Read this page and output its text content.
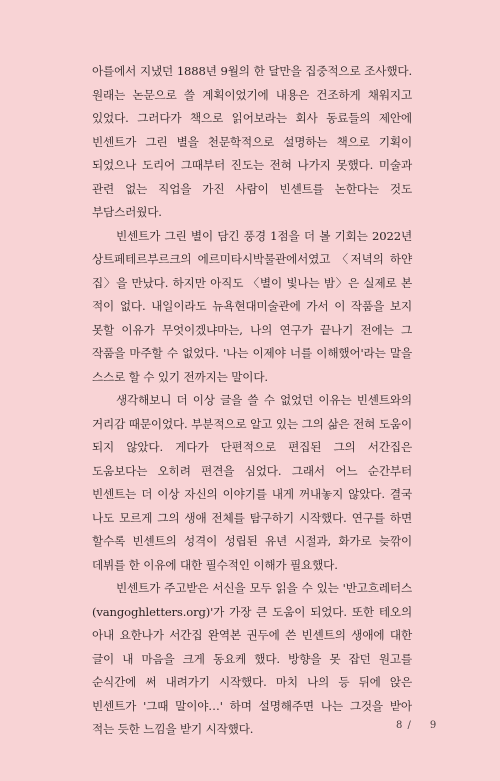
아를에서 지냈던 1888년 9월의 한 달만을 집중적으로 조사했다. 원래는 논문으로 쓸 계획이었기에 내용은 건조하게 채워지고 있었다. 그러다가 책으로 읽어보라는 회사 동료들의 제안에 빈센트가 그린 별을 천문학적으로 설명하는 책으로 기획이 되었으나 도리어 그때부터 진도는 전혀 나가지 못했다. 미술과 관련 없는 직업을 가진 사람이 빈센트를 논한다는 것도 부담스러웠다.

빈센트가 그린 별이 담긴 풍경 1점을 더 볼 기회는 2022년 상트페테르부르크의 에르미타시박물관에서였고 〈저녁의 하얀 집〉을 만났다. 하지만 아직도 〈별이 빛나는 밤〉은 실제로 본 적이 없다. 내일이라도 뉴욕현대미술관에 가서 이 작품을 보지 못할 이유가 무엇이겠냐마는, 나의 연구가 끝나기 전에는 그 작품을 마주할 수 없었다. '나는 이제야 너를 이해했어'라는 말을 스스로 할 수 있기 전까지는 말이다.

생각해보니 더 이상 글을 쓸 수 없었던 이유는 빈센트와의 거리감 때문이었다. 부분적으로 알고 있는 그의 삶은 전혀 도움이 되지 않았다. 게다가 단편적으로 편집된 그의 서간집은 도움보다는 오히려 편견을 심었다. 그래서 어느 순간부터 빈센트는 더 이상 자신의 이야기를 내게 꺼내놓지 않았다. 결국 나도 모르게 그의 생애 전체를 탐구하기 시작했다. 연구를 하면 할수록 빈센트의 성격이 성립된 유년 시절과, 화가로 늦깎이 데뷔를 한 이유에 대한 필수적인 이해가 필요했다.

빈센트가 주고받은 서신을 모두 읽을 수 있는 '반고흐레터스(vangoghletters.org)'가 가장 큰 도움이 되었다. 또한 테오의 아내 요한나가 서간집 완역본 권두에 쓴 빈센트의 생애에 대한 글이 내 마음을 크게 동요케 했다. 방향을 못 잡던 원고를 순식간에 써 내려가기 시작했다. 마치 나의 등 뒤에 앉은 빈센트가 '그때 말이야…' 하며 설명해주면 나는 그것을 받아 적는 듯한 느낌을 받기 시작했다.	8 / 9
